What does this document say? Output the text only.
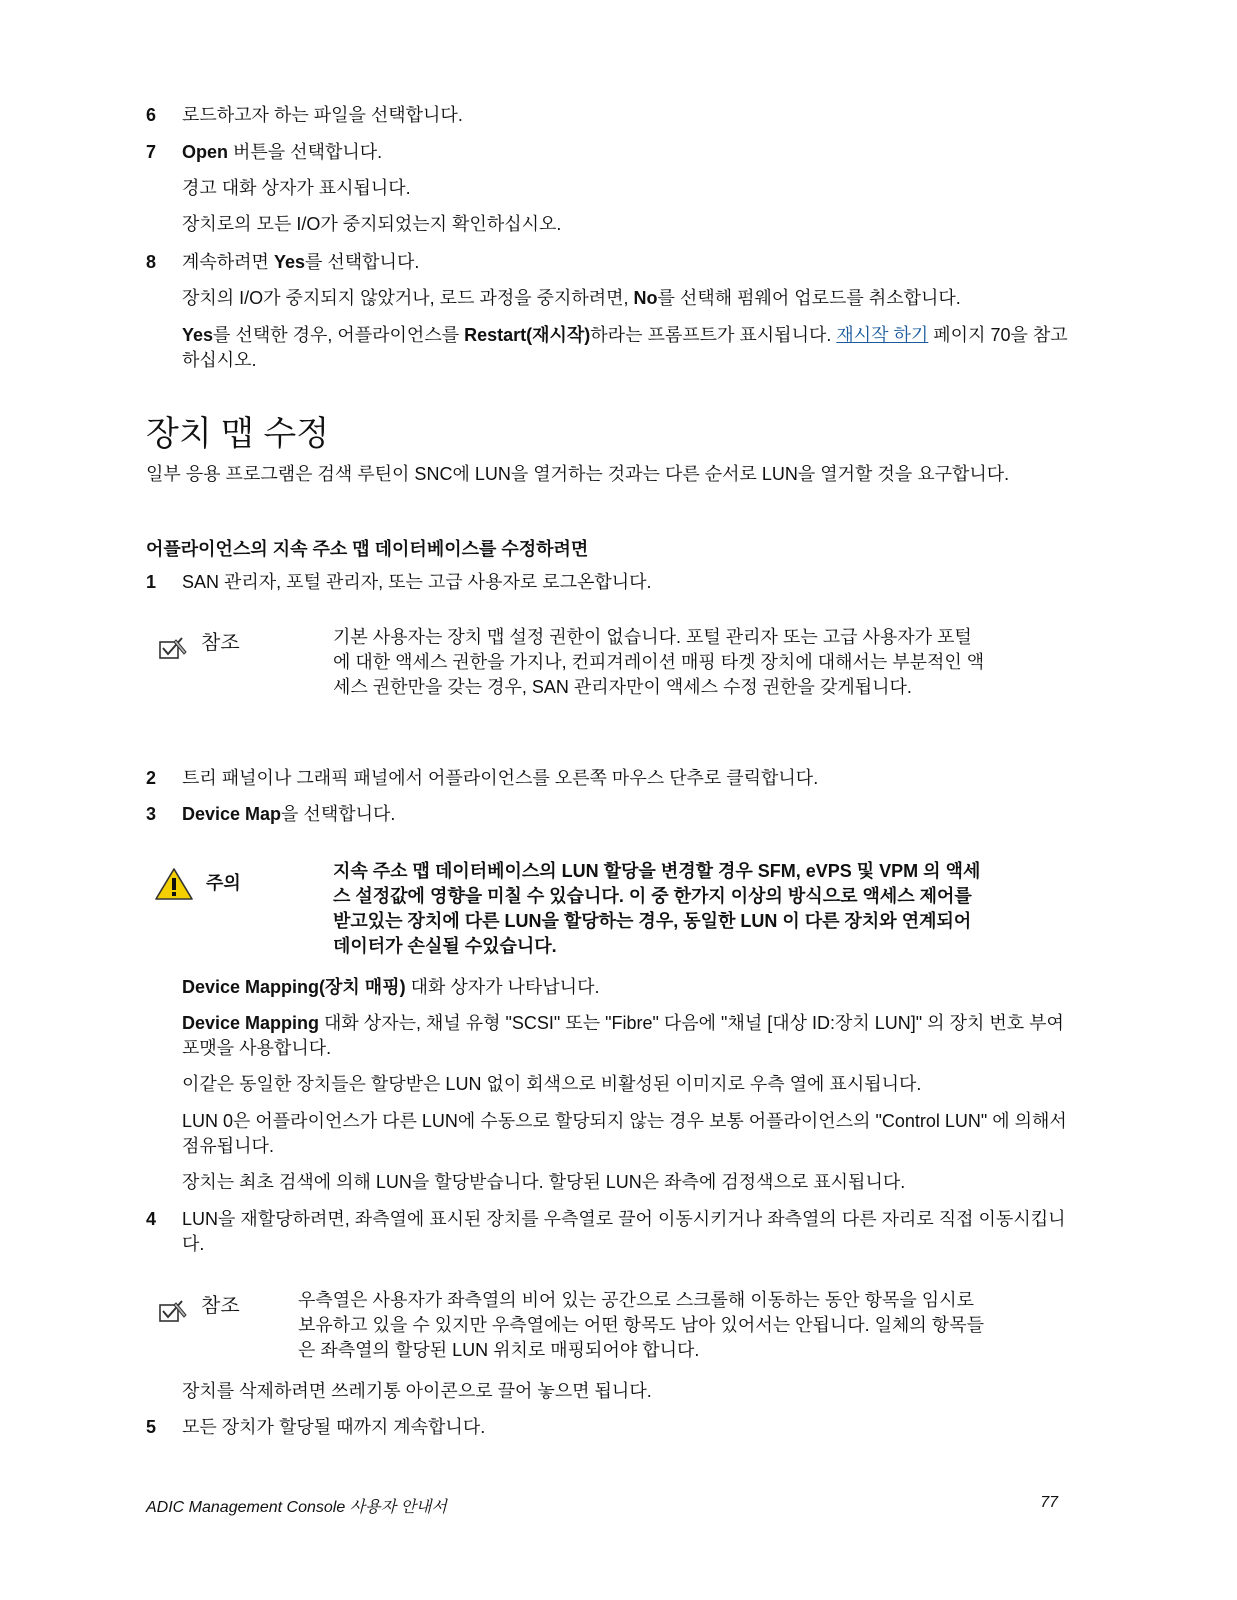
6	로드하고자 하는 파일을 선택합니다.
7	Open 버튼을 선택합니다.
경고 대화 상자가 표시됩니다.
장치로의 모든 I/O가 중지되었는지 확인하십시오.
8	계속하려면 Yes를 선택합니다.
장치의 I/O가 중지되지 않았거나, 로드 과정을 중지하려면, No를 선택해 펌웨어 업로드를 취소합니다.
Yes를 선택한 경우, 어플라이언스를 Restart(재시작)하라는 프롬프트가 표시됩니다. 재시작 하기 페이지 70을 참고하십시오.
장치 맵 수정
일부 응용 프로그램은 검색 루틴이 SNC에 LUN을 열거하는 것과는 다른 순서로 LUN을 열거할 것을 요구합니다.
어플라이언스의 지속 주소 맵 데이터베이스를 수정하려면
1	SAN 관리자, 포털 관리자, 또는 고급 사용자로 로그온합니다.
참조	기본 사용자는 장치 맵 설정 권한이 없습니다. 포털 관리자 또는 고급 사용자가 포털에 대한 액세스 권한을 가지나, 컨피겨레이션 매핑 타겟 장치에 대해서는 부분적인 액세스 권한만을 갖는 경우, SAN 관리자만이 액세스 수정 권한을 갖게됩니다.
2	트리 패널이나 그래픽 패널에서 어플라이언스를 오른쪽 마우스 단추로 클릭합니다.
3	Device Map을 선택합니다.
주의
지속 주소 맵 데이터베이스의 LUN 할당을 변경할 경우 SFM, eVPS 및 VPM 의 액세스 설정값에 영향을 미칠 수 있습니다. 이 중 한가지 이상의 방식으로 액세스 제어를 받고있는 장치에 다른 LUN을 할당하는 경우, 동일한 LUN 이 다른 장치와 연계되어 데이터가 손실될 수있습니다.
Device Mapping(장치 매핑) 대화 상자가 나타납니다.
Device Mapping 대화 상자는, 채널 유형 "SCSI" 또는 "Fibre" 다음에 "채널 [대상 ID:장치 LUN]" 의 장치 번호 부여 포맷을 사용합니다.
이같은 동일한 장치들은 할당받은 LUN 없이 회색으로 비활성된 이미지로 우측 열에 표시됩니다.
LUN 0은 어플라이언스가 다른 LUN에 수동으로 할당되지 않는 경우 보통 어플라이언스의 "Control LUN" 에 의해서 점유됩니다.
장치는 최초 검색에 의해 LUN을 할당받습니다. 할당된 LUN은 좌측에 검정색으로 표시됩니다.
4	LUN을 재할당하려면, 좌측열에 표시된 장치를 우측열로 끌어 이동시키거나 좌측열의 다른 자리로 직접 이동시킵니다.
참조	우측열은 사용자가 좌측열의 비어 있는 공간으로 스크롤해 이동하는 동안 항목을 임시로 보유하고 있을 수 있지만 우측열에는 어떤 항목도 남아 있어서는 안됩니다. 일체의 항목들은 좌측열의 할당된 LUN 위치로 매핑되어야 합니다.
장치를 삭제하려면 쓰레기통 아이콘으로 끌어 놓으면 됩니다.
5	모든 장치가 할당될 때까지 계속합니다.
ADIC Management Console 사용자 안내서	77
